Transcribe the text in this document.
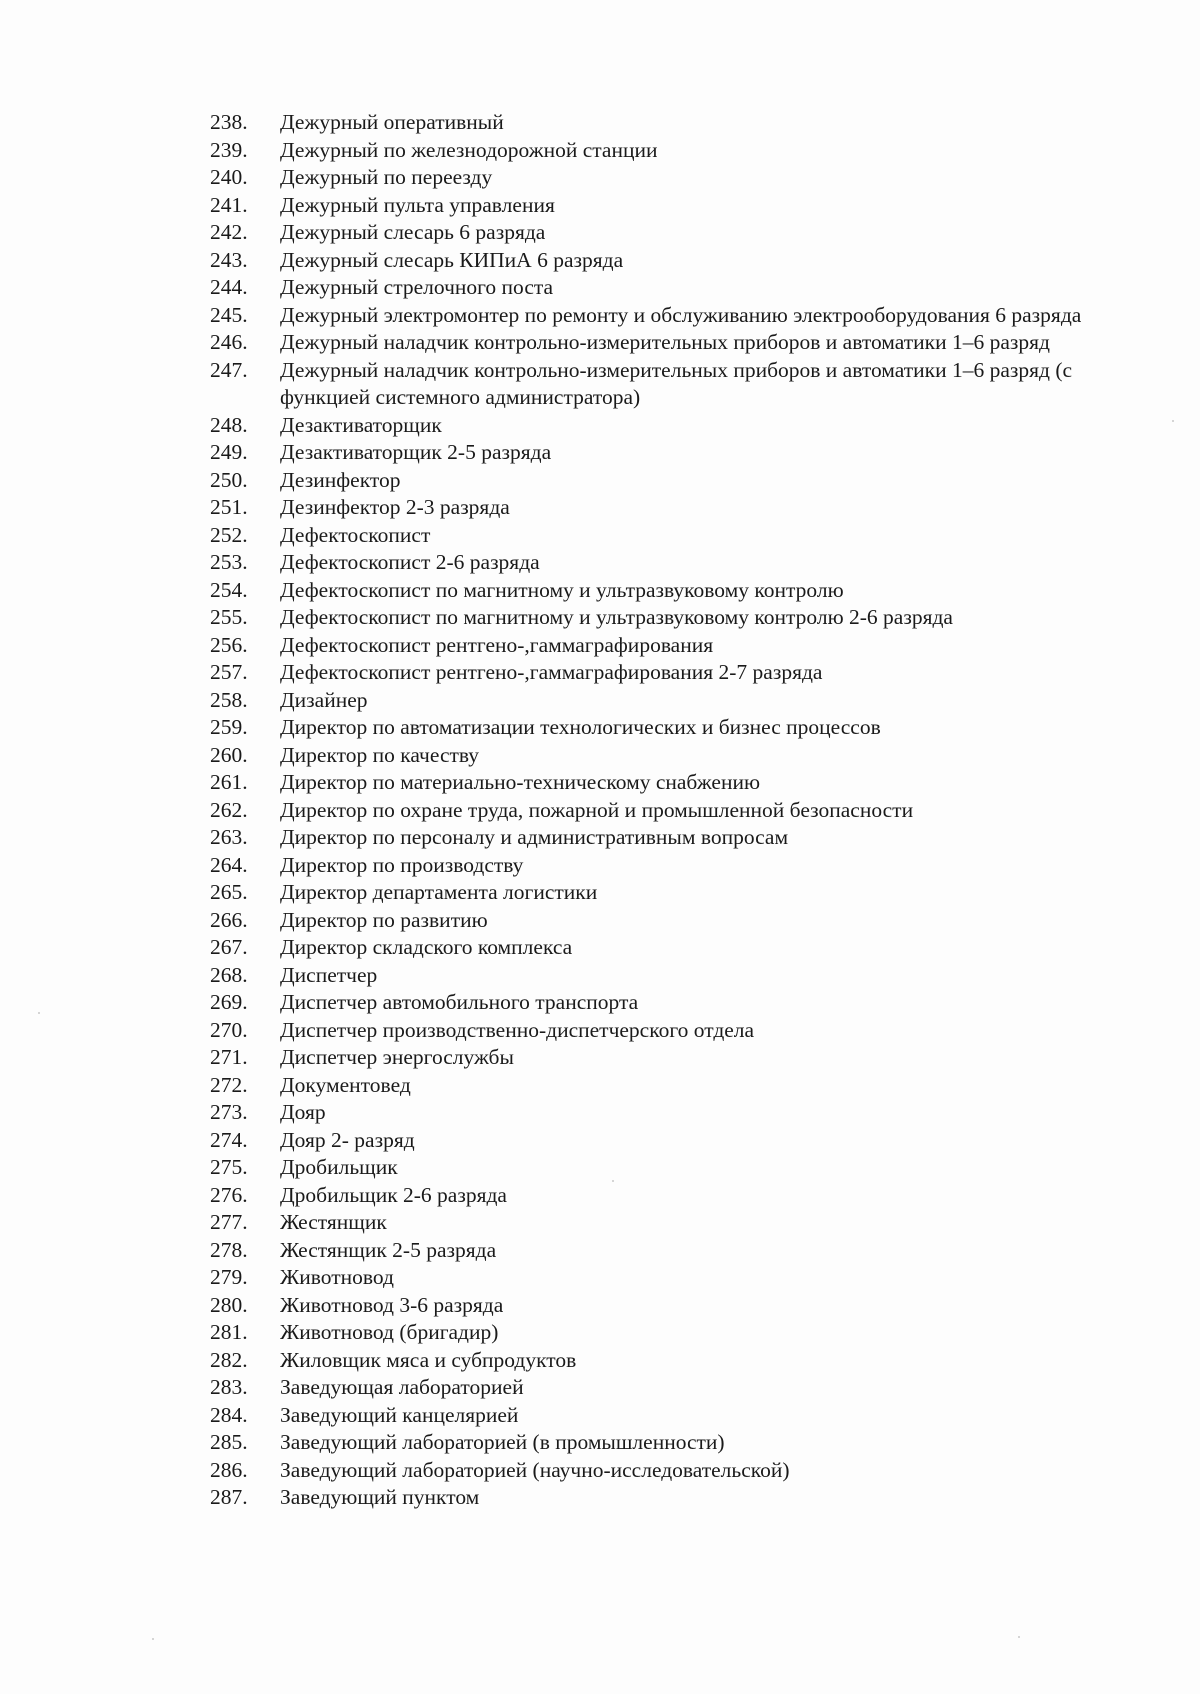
238.	Дежурный оперативный
239.	Дежурный по железнодорожной станции
240.	Дежурный по переезду
241.	Дежурный пульта управления
242.	Дежурный слесарь 6 разряда
243.	Дежурный слесарь КИПиА 6 разряда
244.	Дежурный стрелочного поста
245.	Дежурный электромонтер по ремонту и обслуживанию электрооборудования 6 разряда
246.	Дежурный наладчик контрольно-измерительных приборов и автоматики 1–6 разряд
247.	Дежурный наладчик контрольно-измерительных приборов и автоматики 1–6 разряд (с функцией системного администратора)
248.	Дезактиваторщик
249.	Дезактиваторщик 2-5 разряда
250.	Дезинфектор
251.	Дезинфектор 2-3 разряда
252.	Дефектоскопист
253.	Дефектоскопист 2-6 разряда
254.	Дефектоскопист по магнитному и ультразвуковому контролю
255.	Дефектоскопист по магнитному и ультразвуковому контролю 2-6 разряда
256.	Дефектоскопист рентгено-,гаммаграфирования
257.	Дефектоскопист рентгено-,гаммаграфирования 2-7 разряда
258.	Дизайнер
259.	Директор по автоматизации технологических и бизнес процессов
260.	Директор по качеству
261.	Директор по материально-техническому снабжению
262.	Директор по охране труда, пожарной и промышленной безопасности
263.	Директор по персоналу и административным вопросам
264.	Директор по производству
265.	Директор департамента логистики
266.	Директор по развитию
267.	Директор складского комплекса
268.	Диспетчер
269.	Диспетчер автомобильного транспорта
270.	Диспетчер производственно-диспетчерского отдела
271.	Диспетчер энергослужбы
272.	Документовед
273.	Дояр
274.	Дояр 2- разряд
275.	Дробильщик
276.	Дробильщик 2-6 разряда
277.	Жестянщик
278.	Жестянщик 2-5 разряда
279.	Животновод
280.	Животновод 3-6 разряда
281.	Животновод (бригадир)
282.	Жиловщик мяса и субпродуктов
283.	Заведующая лабораторией
284.	Заведующий канцелярией
285.	Заведующий лабораторией (в промышленности)
286.	Заведующий лабораторией (научно-исследовательской)
287.	Заведующий пунктом
